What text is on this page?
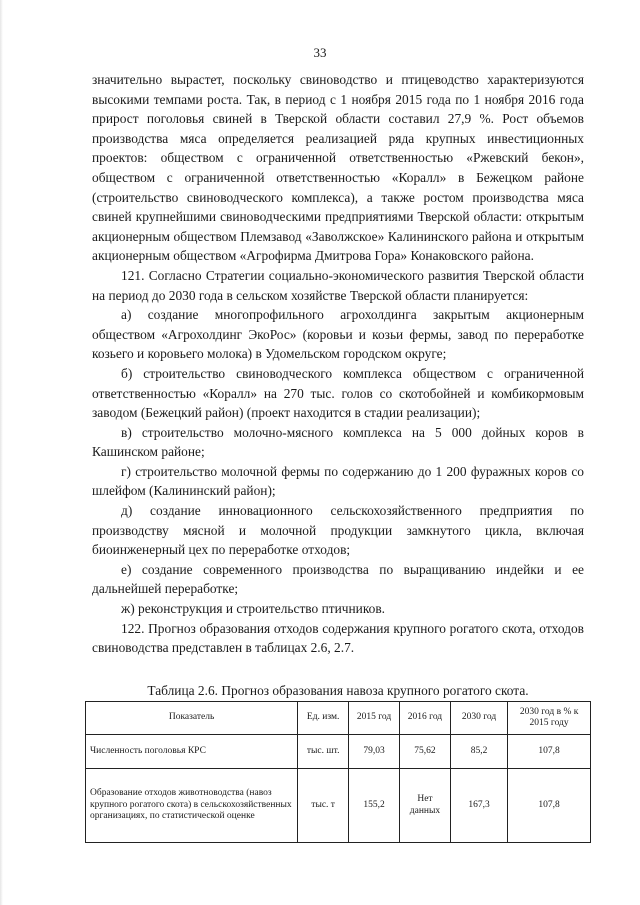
33

значительно вырастет, поскольку свиноводство и птицеводство характеризуются высокими темпами роста. Так, в период с 1 ноября 2015 года по 1 ноября 2016 года прирост поголовья свиней в Тверской области составил 27,9 %. Рост объемов производства мяса определяется реализацией ряда крупных инвестиционных проектов: обществом с ограниченной ответственностью «Ржевский бекон», обществом с ограниченной ответственностью «Коралл» в Бежецком районе (строительство свиноводческого комплекса), а также ростом производства мяса свиней крупнейшими свиноводческими предприятиями Тверской области: открытым акционерным обществом Племзавод «Заволжское» Калининского района и открытым акционерным обществом «Агрофирма Дмитрова Гора» Конаковского района.

121. Согласно Стратегии социально-экономического развития Тверской области на период до 2030 года в сельском хозяйстве Тверской области планируется:

а) создание многопрофильного агрохолдинга закрытым акционерным обществом «Агрохолдинг ЭкоРос» (коровьи и козьи фермы, завод по переработке козьего и коровьего молока) в Удомельском городском округе;

б) строительство свиноводческого комплекса обществом с ограниченной ответственностью «Коралл» на 270 тыс. голов со скотобойней и комбикормовым заводом (Бежецкий район) (проект находится в стадии реализации);

в) строительство молочно-мясного комплекса на 5 000 дойных коров в Кашинском районе;

г) строительство молочной фермы по содержанию до 1 200 фуражных коров со шлейфом (Калининский район);

д) создание инновационного сельскохозяйственного предприятия по производству мясной и молочной продукции замкнутого цикла, включая биоинженерный цех по переработке отходов;

е) создание современного производства по выращиванию индейки и ее дальнейшей переработке;

ж) реконструкция и строительство птичников.

122. Прогноз образования отходов содержания крупного рогатого скота, отходов свиноводства представлен в таблицах 2.6, 2.7.

Таблица 2.6. Прогноз образования навоза крупного рогатого скота.
Показатель	Ед. изм.	2015 год	2016 год	2030 год	2030 год в % к 2015 году
Численность поголовья КРС	тыс. шт.	79,03	75,62	85,2	107,8
Образование отходов животноводства (навоз крупного рогатого скота) в сельскохозяйственных организациях, по статистической оценке	тыс. т	155,2	Нет данных	167,3	107,8
